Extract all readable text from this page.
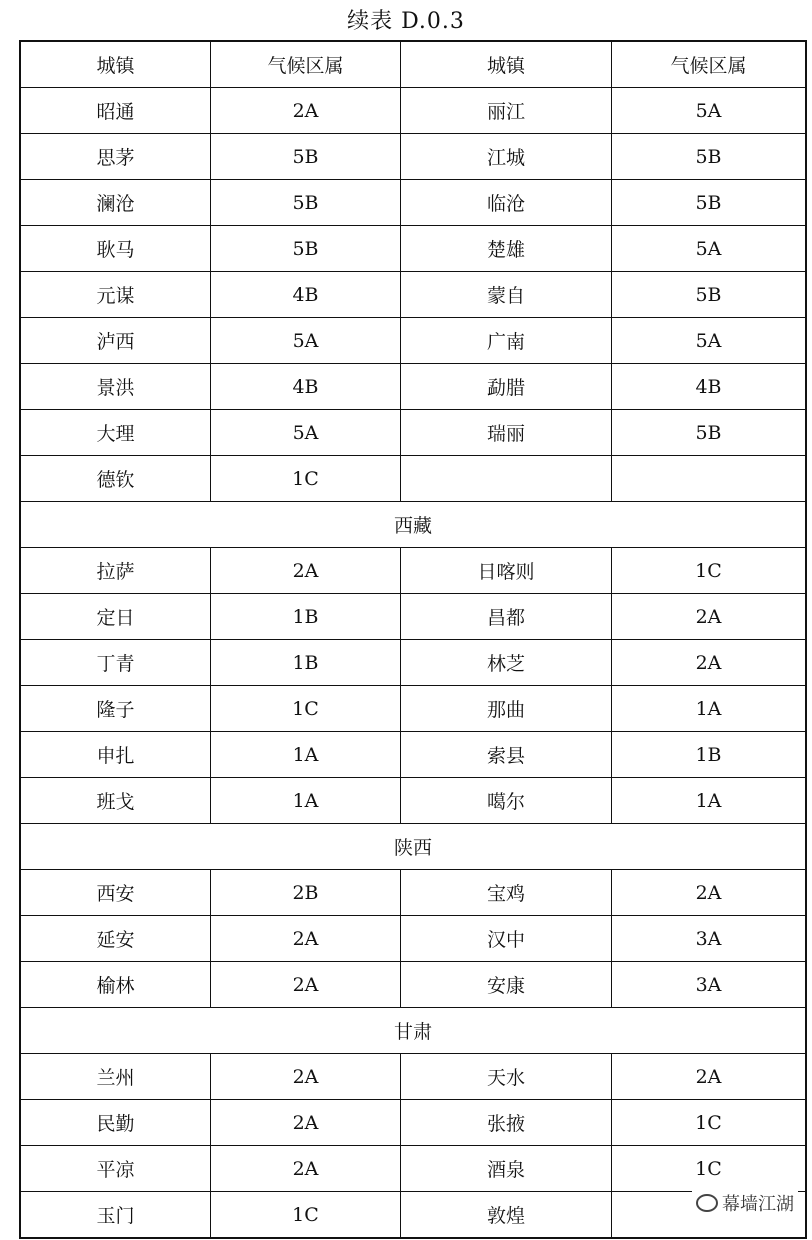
续表 D.0.3
城镇	气候区属	城镇	气候区属
昭通	2A	丽江	5A
思茅	5B	江城	5B
澜沧	5B	临沧	5B
耿马	5B	楚雄	5A
元谋	4B	蒙自	5B
泸西	5A	广南	5A
景洪	4B	勐腊	4B
大理	5A	瑞丽	5B
德钦	1C		
西藏			
拉萨	2A	日喀则	1C
定日	1B	昌都	2A
丁青	1B	林芝	2A
隆子	1C	那曲	1A
申扎	1A	索县	1B
班戈	1A	噶尔	1A
陕西			
西安	2B	宝鸡	2A
延安	2A	汉中	3A
榆林	2A	安康	3A
甘肃			
兰州	2A	天水	2A
民勤	2A	张掖	1C
平凉	2A	酒泉	1C
玉门	1C	敦煌	
幕墙江湖
